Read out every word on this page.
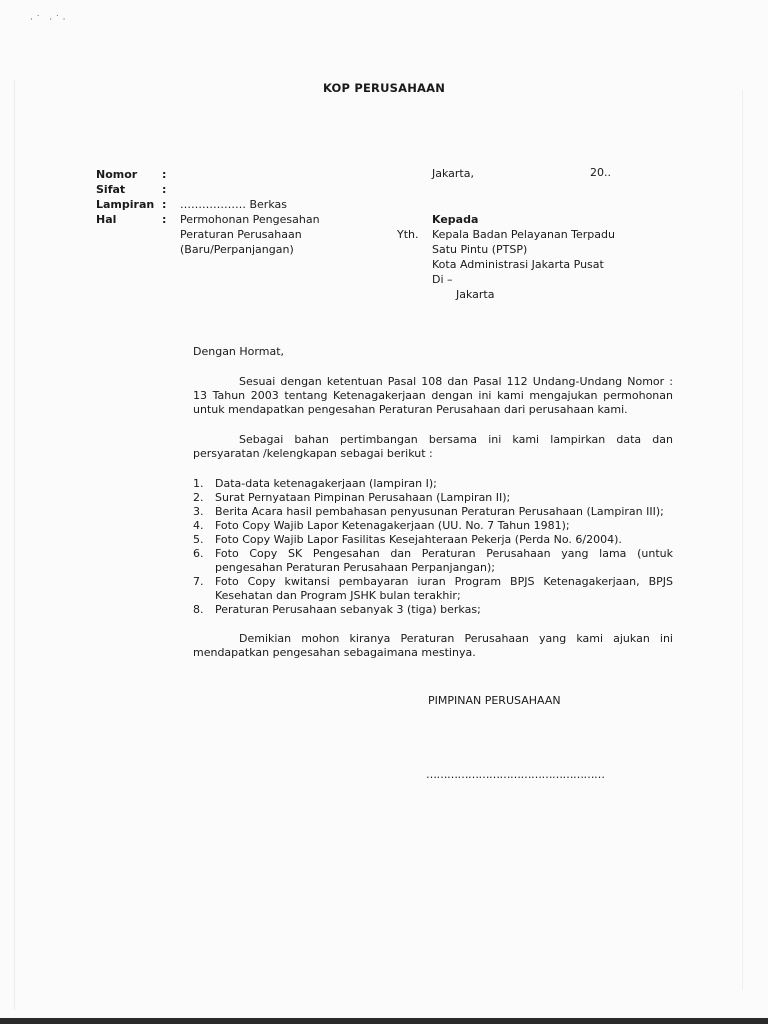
·˙ ·˙·
KOP PERUSAHAAN
Nomor	:
Sifat	:
Lampiran :	……………… Berkas
Hal	:	Permohonan Pengesahan
Peraturan Perusahaan
(Baru/Perpanjangan)
Jakarta,	20..
Kepada
Yth.	Kepala Badan Pelayanan Terpadu
Satu Pintu (PTSP)
Kota Administrasi Jakarta Pusat
Di –
Jakarta

Dengan Hormat,

Sesuai dengan ketentuan Pasal 108 dan Pasal 112 Undang-Undang Nomor : 13 Tahun 2003 tentang Ketenagakerjaan dengan ini kami mengajukan permohonan untuk mendapatkan pengesahan Peraturan Perusahaan dari perusahaan kami.

Sebagai bahan pertimbangan bersama ini kami lampirkan data dan persyaratan /kelengkapan sebagai berikut :

1.	Data-data ketenagakerjaan (lampiran I);
2.	Surat Pernyataan Pimpinan Perusahaan (Lampiran II);
3.	Berita Acara hasil pembahasan penyusunan Peraturan Perusahaan (Lampiran III);
4.	Foto Copy Wajib Lapor Ketenagakerjaan (UU. No. 7 Tahun 1981);
5.	Foto Copy Wajib Lapor Fasilitas Kesejahteraan Pekerja (Perda No. 6/2004).
6.	Foto Copy SK Pengesahan dan Peraturan Perusahaan yang lama (untuk pengesahan Peraturan Perusahaan Perpanjangan);
7.	Foto Copy kwitansi pembayaran iuran Program BPJS Ketenagakerjaan, BPJS Kesehatan dan Program JSHK bulan terakhir;
8.	Peraturan Perusahaan sebanyak 3 (tiga) berkas;

Demikian mohon kiranya Peraturan Perusahaan yang kami ajukan ini mendapatkan pengesahan sebagaimana mestinya.

PIMPINAN PERUSAHAAN
……………………………………………
